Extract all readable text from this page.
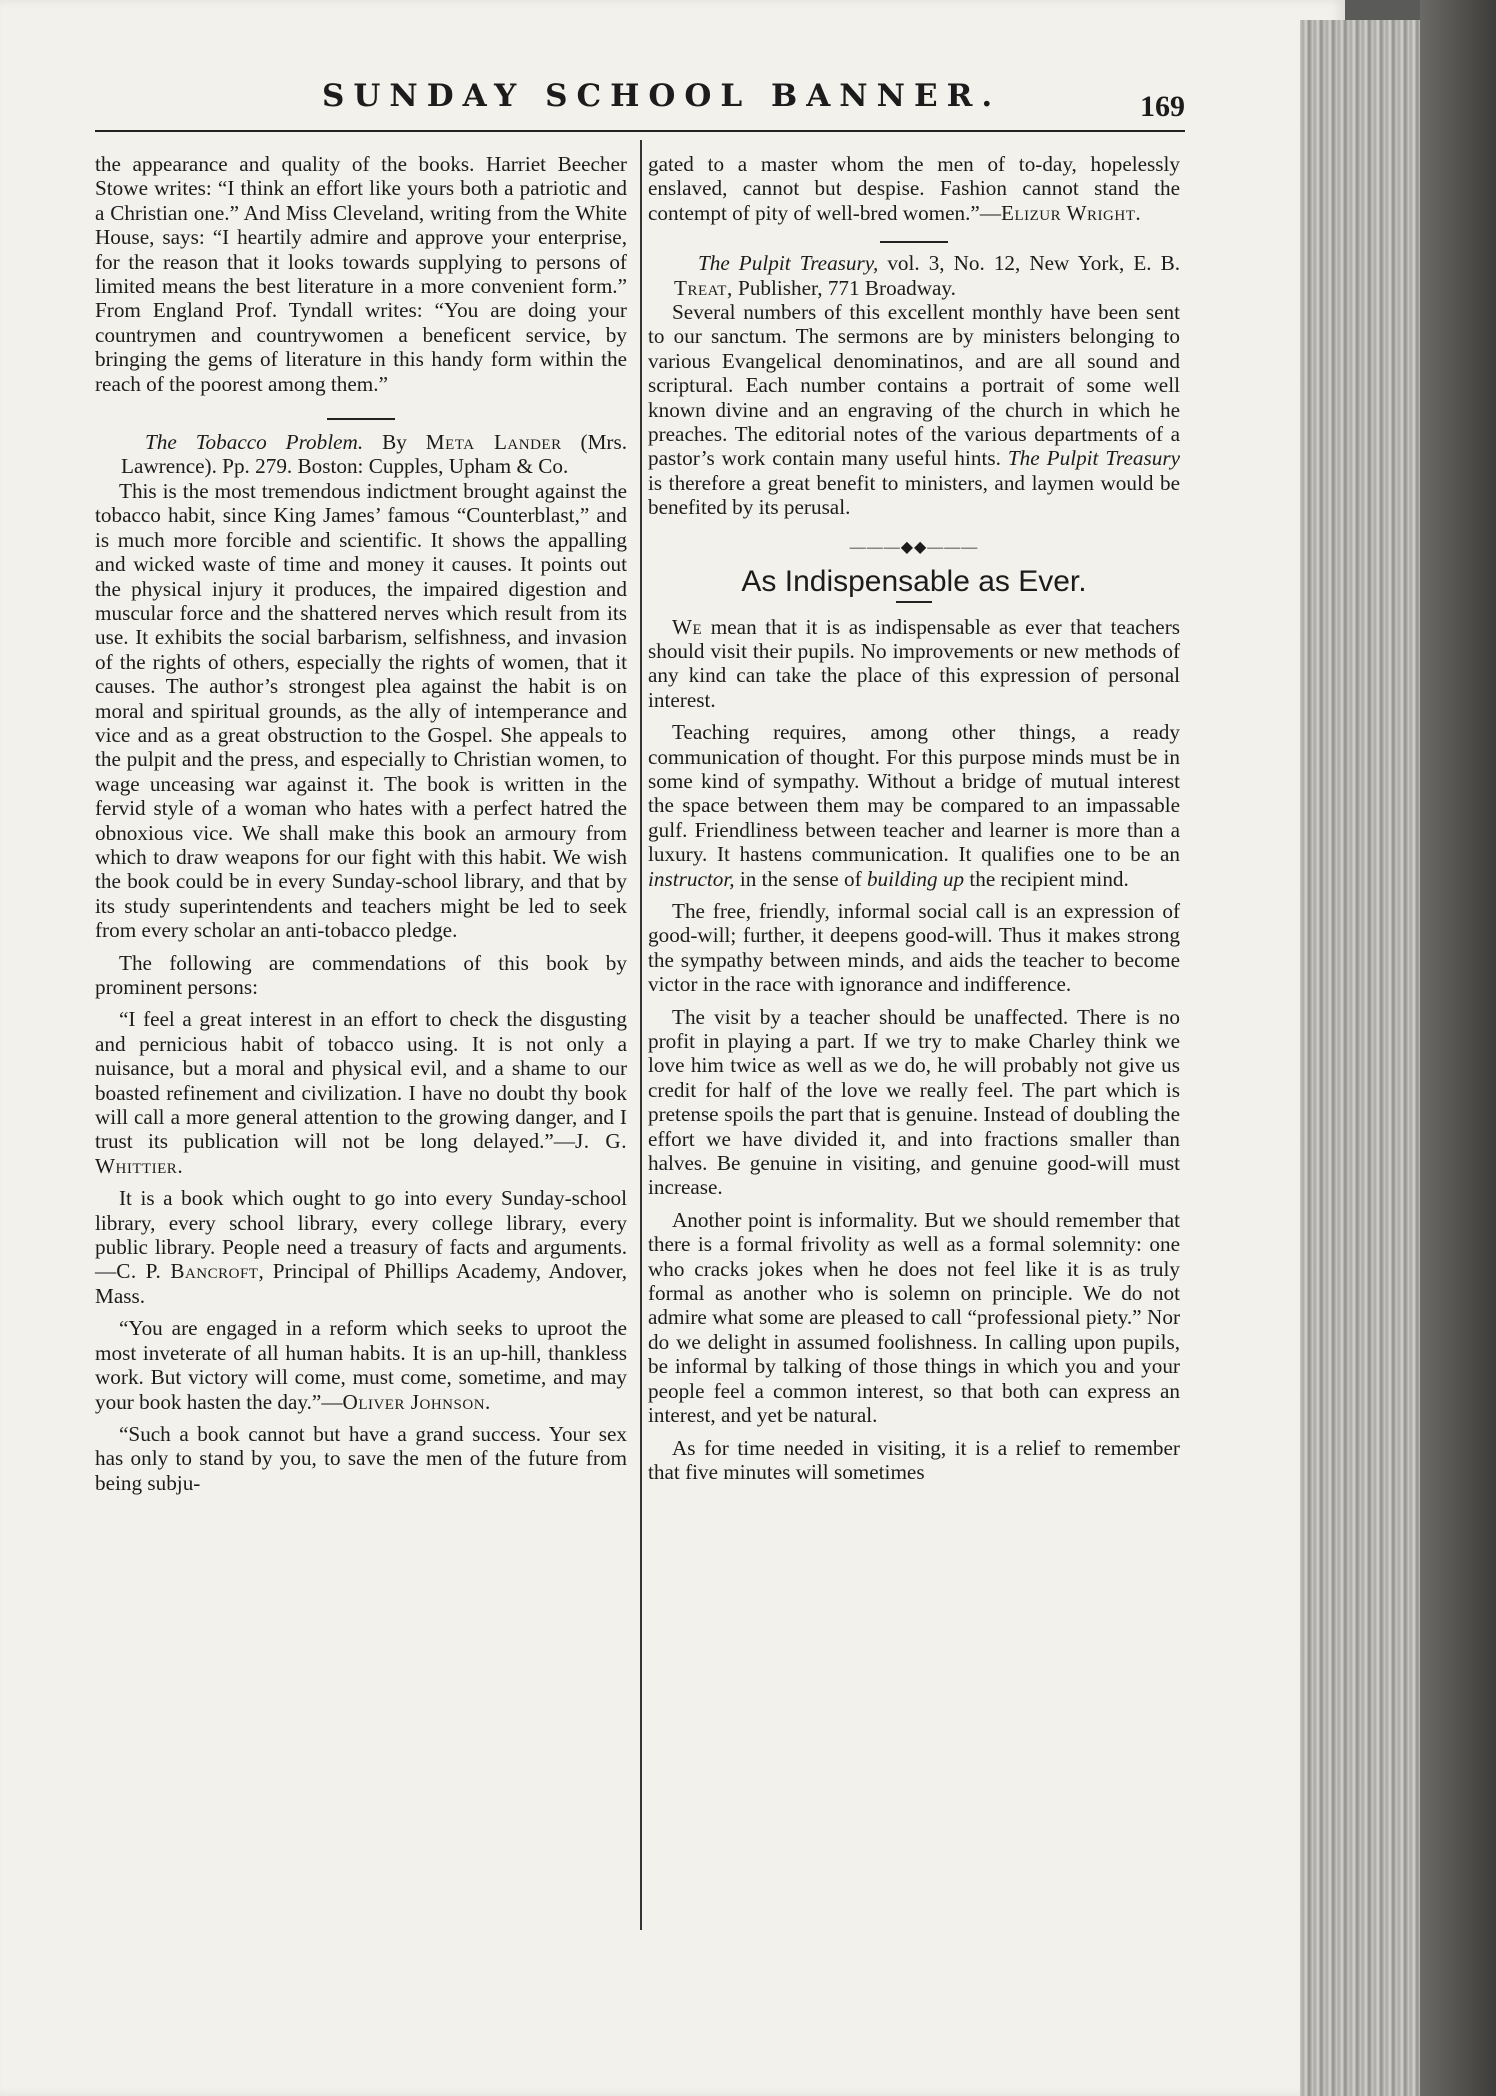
SUNDAY SCHOOL BANNER.	169

the appearance and quality of the books. Harriet Beecher Stowe writes: “I think an effort like yours both a patriotic and a Christian one.” And Miss Cleveland, writing from the White House, says: “I heartily admire and approve your enterprise, for the reason that it looks towards supplying to persons of limited means the best literature in a more convenient form.” From England Prof. Tyndall writes: “You are doing your countrymen and countrywomen a beneficent service, by bringing the gems of literature in this handy form within the reach of the poorest among them.”

The Tobacco Problem. By Meta Lander (Mrs. Lawrence). Pp. 279. Boston: Cupples, Upham & Co.

This is the most tremendous indictment brought against the tobacco habit, since King James’ famous “Counterblast,” and is much more forcible and scientific. It shows the appalling and wicked waste of time and money it causes. It points out the physical injury it produces, the impaired digestion and muscular force and the shattered nerves which result from its use. It exhibits the social barbarism, selfishness, and invasion of the rights of others, especially the rights of women, that it causes. The author’s strongest plea against the habit is on moral and spiritual grounds, as the ally of intemperance and vice and as a great obstruction to the Gospel. She appeals to the pulpit and the press, and especially to Christian women, to wage unceasing war against it. The book is written in the fervid style of a woman who hates with a perfect hatred the obnoxious vice. We shall make this book an armoury from which to draw weapons for our fight with this habit. We wish the book could be in every Sunday-school library, and that by its study superintendents and teachers might be led to seek from every scholar an anti-tobacco pledge.

The following are commendations of this book by prominent persons:

“I feel a great interest in an effort to check the disgusting and pernicious habit of tobacco using. It is not only a nuisance, but a moral and physical evil, and a shame to our boasted refinement and civilization. I have no doubt thy book will call a more general attention to the growing danger, and I trust its publication will not be long delayed.”—J. G. Whittier.

It is a book which ought to go into every Sunday-school library, every school library, every college library, every public library. People need a treasury of facts and arguments. —C. P. Bancroft, Principal of Phillips Academy, Andover, Mass.

“You are engaged in a reform which seeks to uproot the most inveterate of all human habits. It is an up-hill, thankless work. But victory will come, must come, sometime, and may your book hasten the day.”—Oliver Johnson.

“Such a book cannot but have a grand success. Your sex has only to stand by you, to save the men of the future from being subju-

gated to a master whom the men of to-day, hopelessly enslaved, cannot but despise. Fashion cannot stand the contempt of pity of well-bred women.”—Elizur Wright.

The Pulpit Treasury, vol. 3, No. 12, New York, E. B. Treat, Publisher, 771 Broadway.

Several numbers of this excellent monthly have been sent to our sanctum. The sermons are by ministers belonging to various Evangelical denominatinos, and are all sound and scriptural. Each number contains a portrait of some well known divine and an engraving of the church in which he preaches. The editorial notes of the various departments of a pastor’s work contain many useful hints. The Pulpit Treasury is therefore a great benefit to ministers, and laymen would be benefited by its perusal.

———◆◆———
As Indispensable as Ever.

We mean that it is as indispensable as ever that teachers should visit their pupils. No improvements or new methods of any kind can take the place of this expression of personal interest.

Teaching requires, among other things, a ready communication of thought. For this purpose minds must be in some kind of sympathy. Without a bridge of mutual interest the space between them may be compared to an impassable gulf. Friendliness between teacher and learner is more than a luxury. It hastens communication. It qualifies one to be an instructor, in the sense of building up the recipient mind.

The free, friendly, informal social call is an expression of good-will; further, it deepens good-will. Thus it makes strong the sympathy between minds, and aids the teacher to become victor in the race with ignorance and indifference.

The visit by a teacher should be unaffected. There is no profit in playing a part. If we try to make Charley think we love him twice as well as we do, he will probably not give us credit for half of the love we really feel. The part which is pretense spoils the part that is genuine. Instead of doubling the effort we have divided it, and into fractions smaller than halves. Be genuine in visiting, and genuine good-will must increase.

Another point is informality. But we should remember that there is a formal frivolity as well as a formal solemnity: one who cracks jokes when he does not feel like it is as truly formal as another who is solemn on principle. We do not admire what some are pleased to call “professional piety.” Nor do we delight in assumed foolishness. In calling upon pupils, be informal by talking of those things in which you and your people feel a common interest, so that both can express an interest, and yet be natural.

As for time needed in visiting, it is a relief to remember that five minutes will sometimes
